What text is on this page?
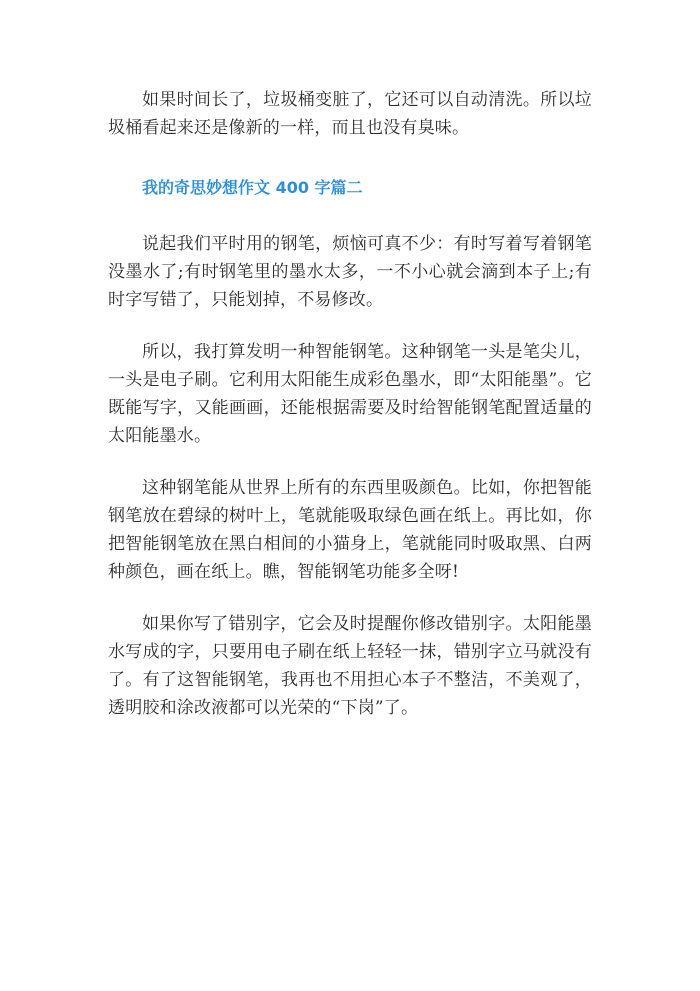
如果时间长了，垃圾桶变脏了，它还可以自动清洗。所以垃圾桶看起来还是像新的一样，而且也没有臭味。

我的奇思妙想作文 400 字篇二

说起我们平时用的钢笔，烦恼可真不少：有时写着写着钢笔没墨水了;有时钢笔里的墨水太多，一不小心就会滴到本子上;有时字写错了，只能划掉，不易修改。

所以，我打算发明一种智能钢笔。这种钢笔一头是笔尖儿，一头是电子刷。它利用太阳能生成彩色墨水，即“太阳能墨”。它既能写字，又能画画，还能根据需要及时给智能钢笔配置适量的太阳能墨水。

这种钢笔能从世界上所有的东西里吸颜色。比如，你把智能钢笔放在碧绿的树叶上，笔就能吸取绿色画在纸上。再比如，你把智能钢笔放在黑白相间的小猫身上，笔就能同时吸取黑、白两种颜色，画在纸上。瞧，智能钢笔功能多全呀!

如果你写了错别字，它会及时提醒你修改错别字。太阳能墨水写成的字，只要用电子刷在纸上轻轻一抹，错别字立马就没有了。有了这智能钢笔，我再也不用担心本子不整洁，不美观了，透明胶和涂改液都可以光荣的“下岗”了。
